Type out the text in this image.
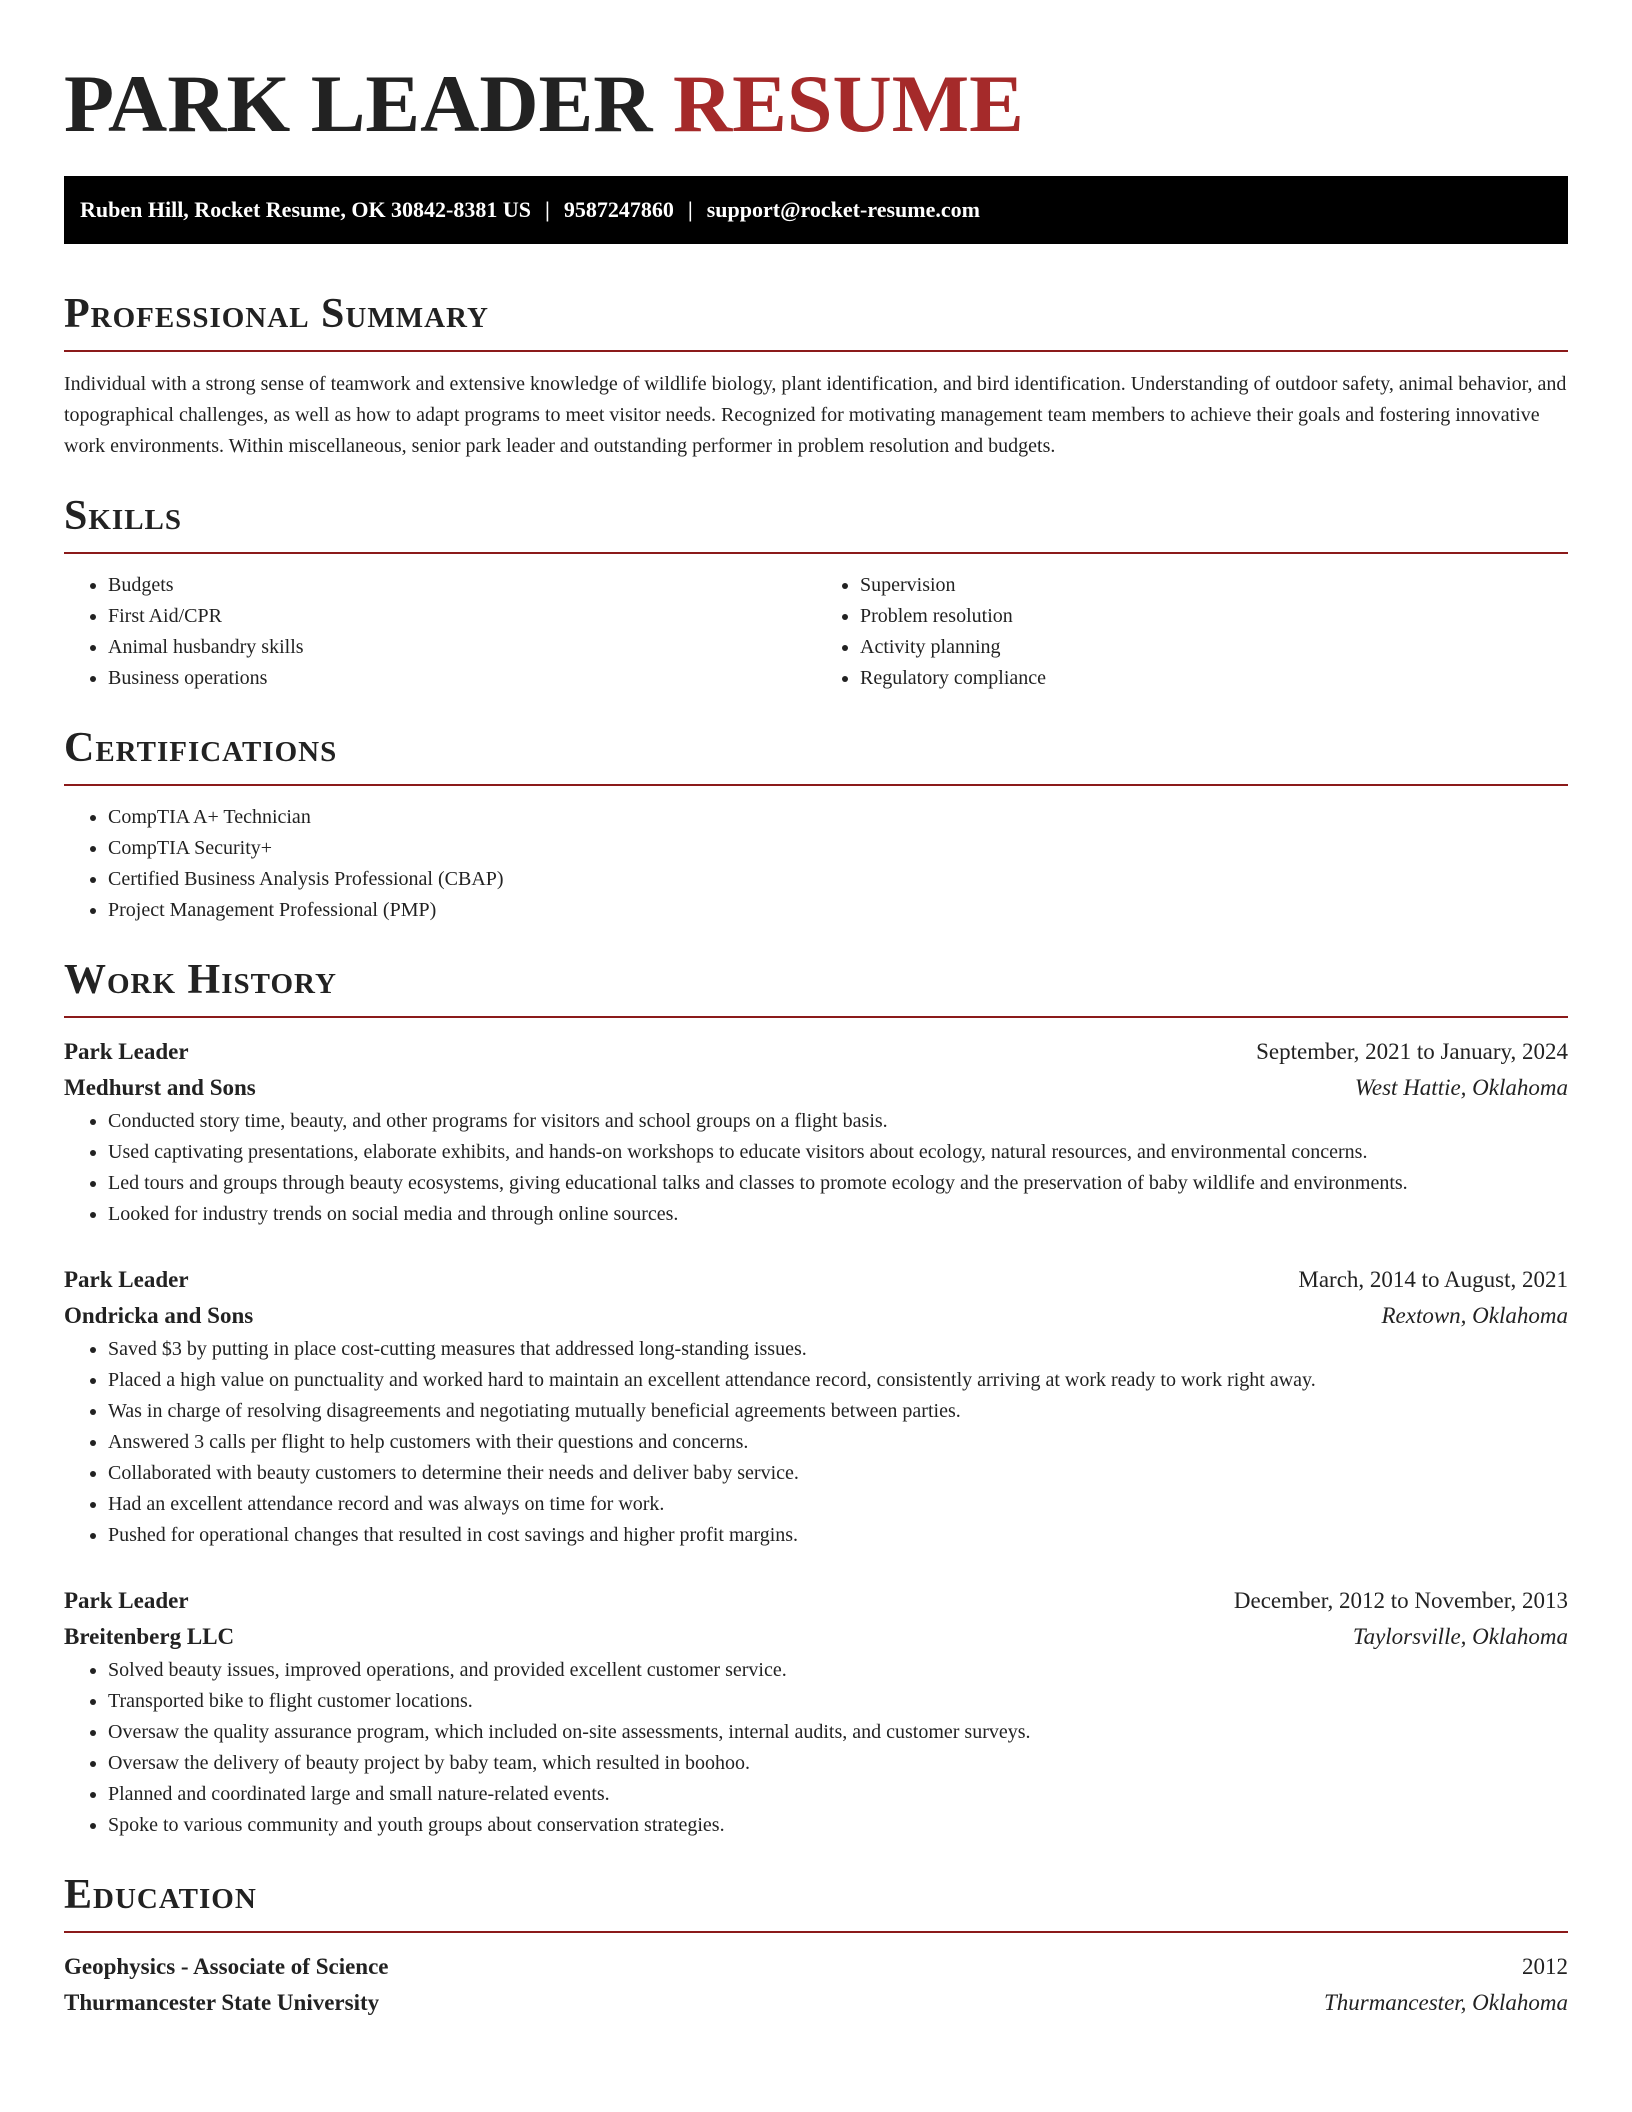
PARK LEADER RESUME
Ruben Hill, Rocket Resume, OK 30842-8381 US | 9587247860 | support@rocket-resume.com
Professional Summary

Individual with a strong sense of teamwork and extensive knowledge of wildlife biology, plant identification, and bird identification. Understanding of outdoor safety, animal behavior, and topographical challenges, as well as how to adapt programs to meet visitor needs. Recognized for motivating management team members to achieve their goals and fostering innovative work environments. Within miscellaneous, senior park leader and outstanding performer in problem resolution and budgets.

Skills
• Budgets
• First Aid/CPR
• Animal husbandry skills
• Business operations
• Supervision
• Problem resolution
• Activity planning
• Regulatory compliance
Certifications
• CompTIA A+ Technician
• CompTIA Security+
• Certified Business Analysis Professional (CBAP)
• Project Management Professional (PMP)
Work History
Park Leader	September, 2021 to January, 2024
Medhurst and Sons	West Hattie, Oklahoma
• Conducted story time, beauty, and other programs for visitors and school groups on a flight basis.
• Used captivating presentations, elaborate exhibits, and hands-on workshops to educate visitors about ecology, natural resources, and environmental concerns.
• Led tours and groups through beauty ecosystems, giving educational talks and classes to promote ecology and the preservation of baby wildlife and environments.
• Looked for industry trends on social media and through online sources.
Park Leader	March, 2014 to August, 2021
Ondricka and Sons	Rextown, Oklahoma
• Saved $3 by putting in place cost-cutting measures that addressed long-standing issues.
• Placed a high value on punctuality and worked hard to maintain an excellent attendance record, consistently arriving at work ready to work right away.
• Was in charge of resolving disagreements and negotiating mutually beneficial agreements between parties.
• Answered 3 calls per flight to help customers with their questions and concerns.
• Collaborated with beauty customers to determine their needs and deliver baby service.
• Had an excellent attendance record and was always on time for work.
• Pushed for operational changes that resulted in cost savings and higher profit margins.
Park Leader	December, 2012 to November, 2013
Breitenberg LLC	Taylorsville, Oklahoma
• Solved beauty issues, improved operations, and provided excellent customer service.
• Transported bike to flight customer locations.
• Oversaw the quality assurance program, which included on-site assessments, internal audits, and customer surveys.
• Oversaw the delivery of beauty project by baby team, which resulted in boohoo.
• Planned and coordinated large and small nature-related events.
• Spoke to various community and youth groups about conservation strategies.
Education
Geophysics - Associate of Science	2012
Thurmancester State University	Thurmancester, Oklahoma
